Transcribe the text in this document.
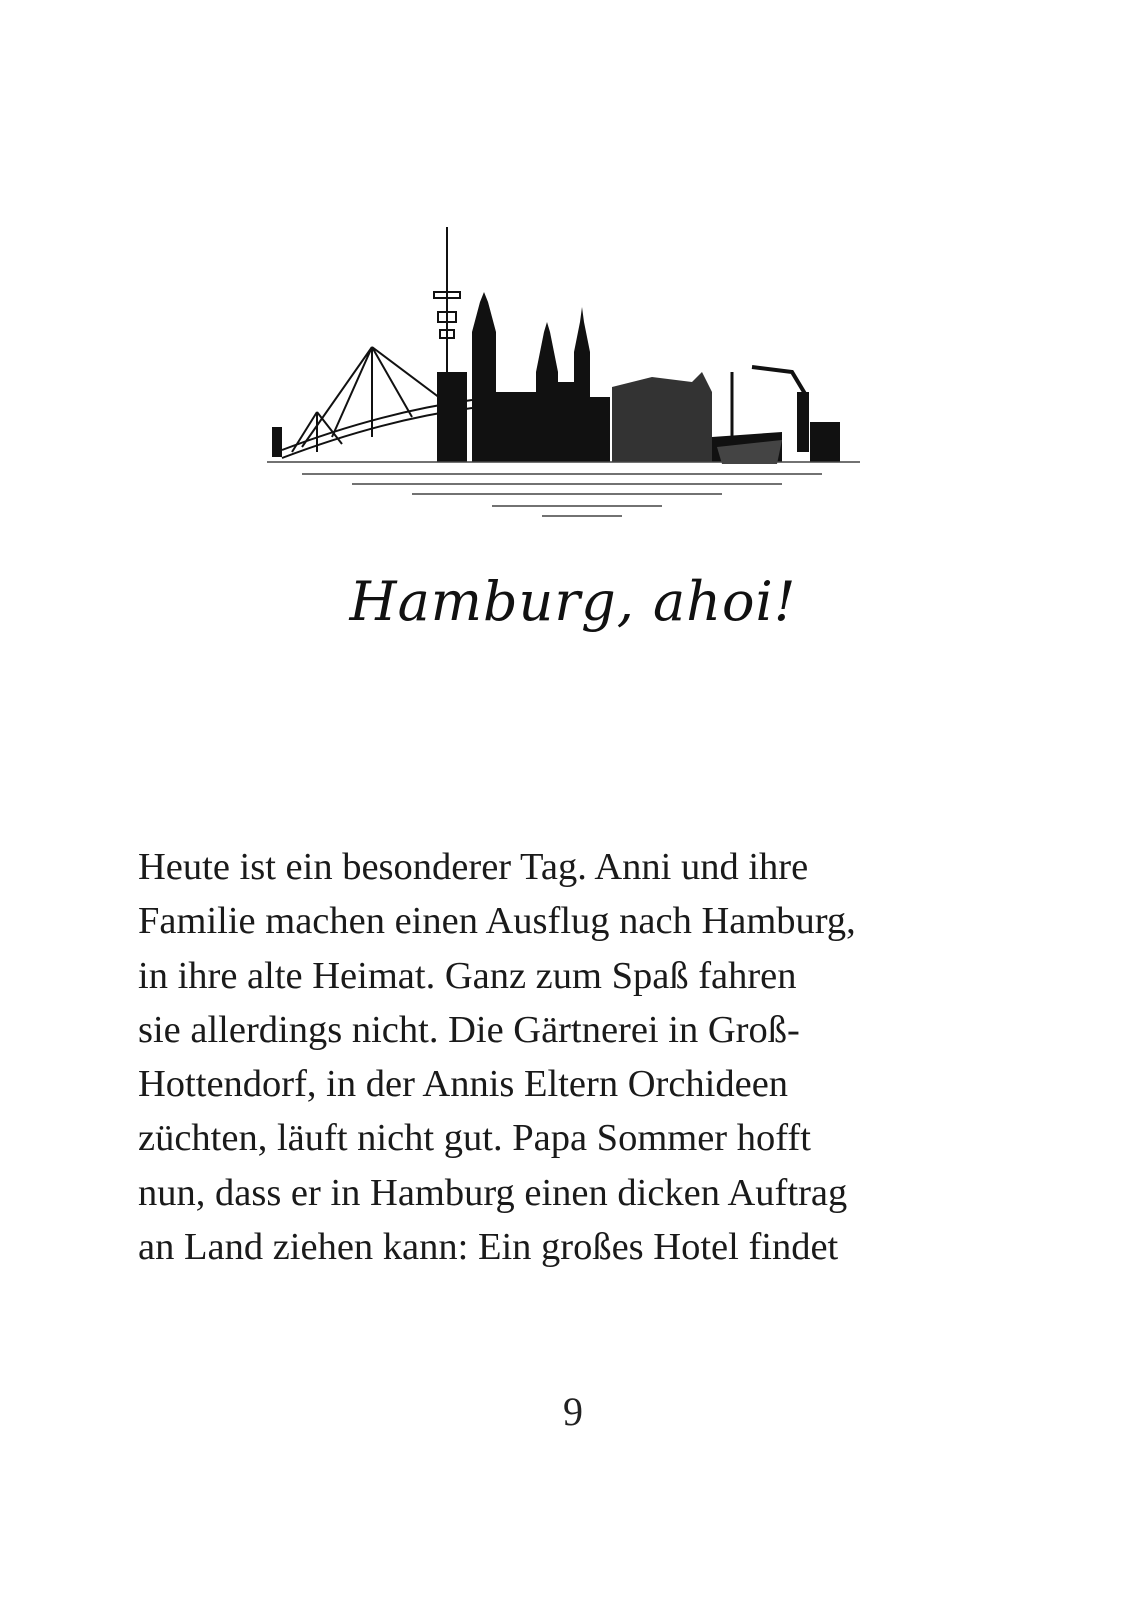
Hamburg, ahoi!
Heute ist ein besonderer Tag. Anni und ihre
Familie machen einen Ausflug nach Hamburg,
in ihre alte Heimat. Ganz zum Spaß fahren
sie allerdings nicht. Die Gärtnerei in Groß-
Hottendorf, in der Annis Eltern Orchideen
züchten, läuft nicht gut. Papa Sommer hofft
nun, dass er in Hamburg einen dicken Auftrag
an Land ziehen kann: Ein großes Hotel findet
9
